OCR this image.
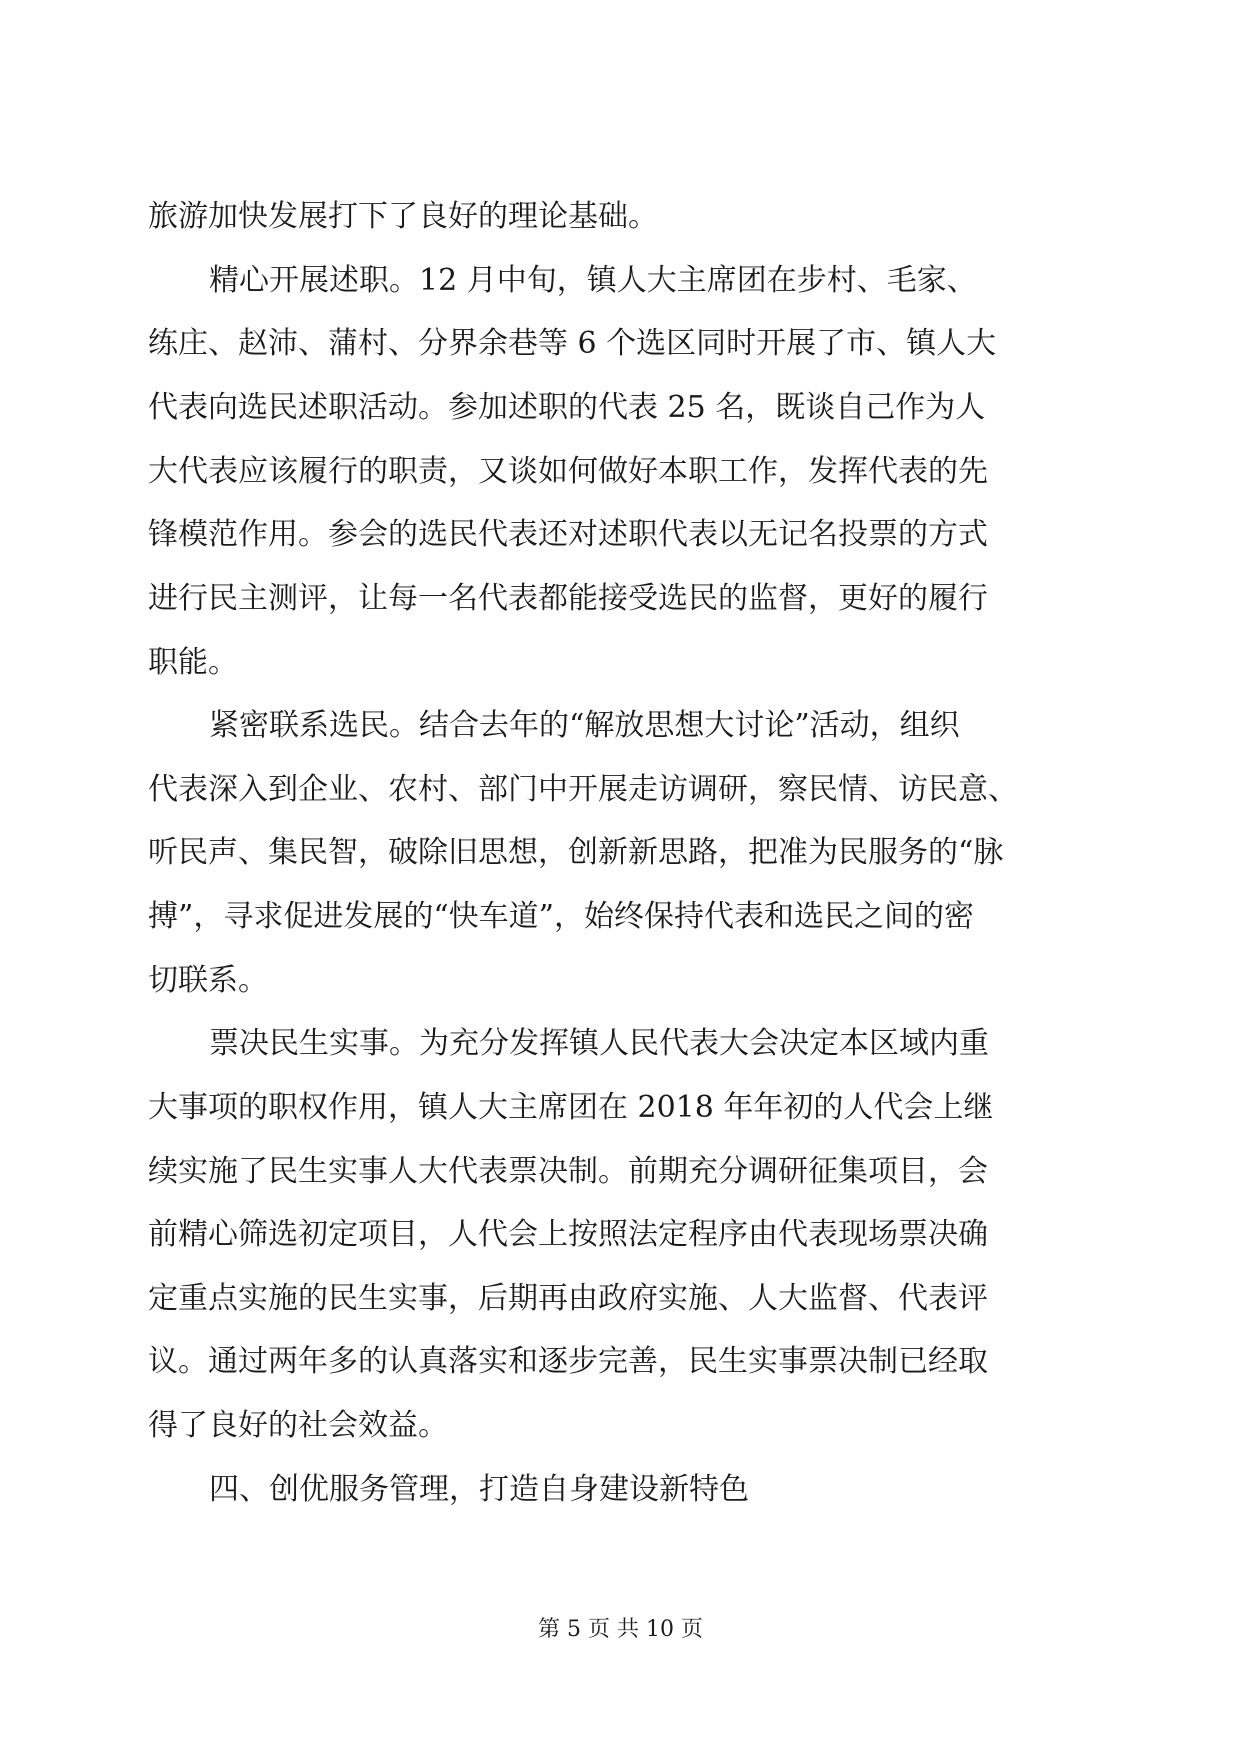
旅游加快发展打下了良好的理论基础。
精心开展述职。12 月中旬，镇人大主席团在步村、毛家、
练庄、赵沛、蒲村、分界余巷等 6 个选区同时开展了市、镇人大
代表向选民述职活动。参加述职的代表 25 名，既谈自己作为人
大代表应该履行的职责，又谈如何做好本职工作，发挥代表的先
锋模范作用。参会的选民代表还对述职代表以无记名投票的方式
进行民主测评，让每一名代表都能接受选民的监督，更好的履行
职能。
紧密联系选民。结合去年的“解放思想大讨论”活动，组织
代表深入到企业、农村、部门中开展走访调研，察民情、访民意、
听民声、集民智，破除旧思想，创新新思路，把准为民服务的“脉
搏”，寻求促进发展的“快车道”，始终保持代表和选民之间的密
切联系。
票决民生实事。为充分发挥镇人民代表大会决定本区域内重
大事项的职权作用，镇人大主席团在 2018 年年初的人代会上继
续实施了民生实事人大代表票决制。前期充分调研征集项目，会
前精心筛选初定项目，人代会上按照法定程序由代表现场票决确
定重点实施的民生实事，后期再由政府实施、人大监督、代表评
议。通过两年多的认真落实和逐步完善，民生实事票决制已经取
得了良好的社会效益。
四、创优服务管理，打造自身建设新特色
第 5 页 共 10 页
